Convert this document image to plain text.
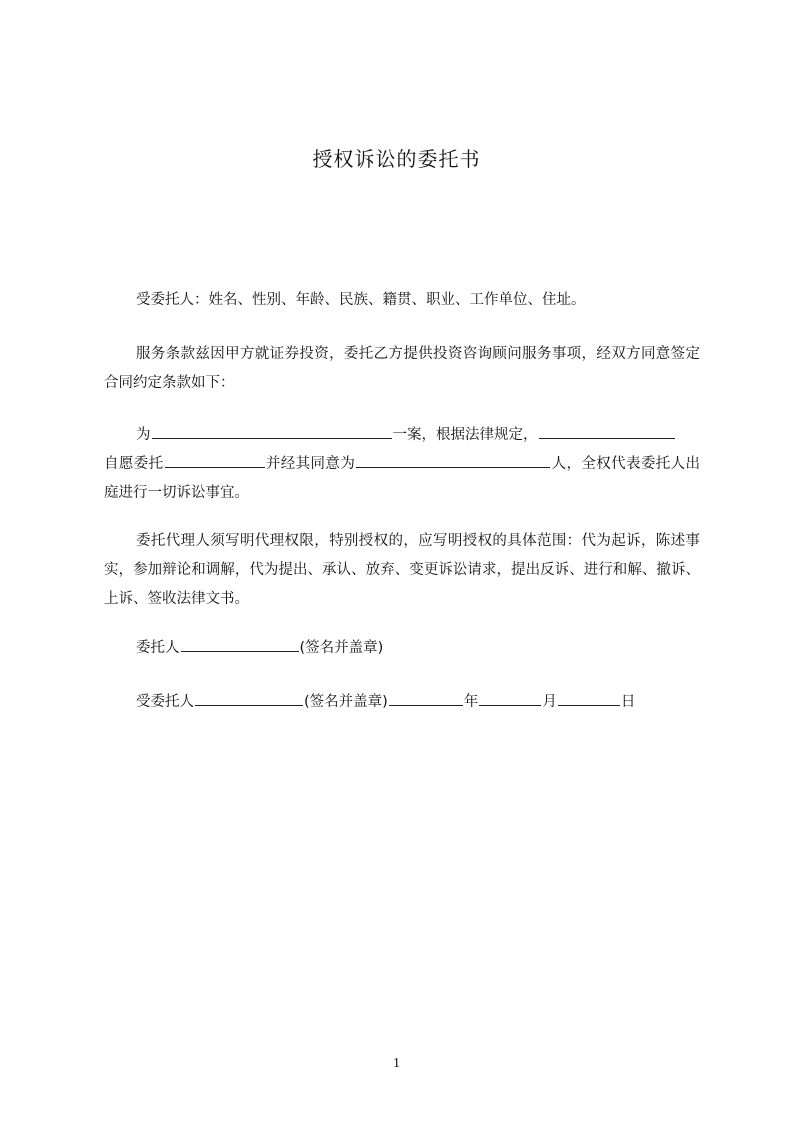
授权诉讼的委托书

受委托人：姓名、性别、年龄、民族、籍贯、职业、工作单位、住址。

服务条款兹因甲方就证券投资，委托乙方提供投资咨询顾问服务事项，经双方同意签定合同约定条款如下：

为	一案，根据法律规定，
自愿委托	并经其同意为	人，全权代表委托人出庭进行一切诉讼事宜。

委托代理人须写明代理权限，特别授权的，应写明授权的具体范围：代为起诉，陈述事实，参加辩论和调解，代为提出、承认、放弃、变更诉讼请求，提出反诉、进行和解、撤诉、上诉、签收法律文书。

委托人	(签名并盖章)

受委托人	(签名并盖章)	年	月	日

1
